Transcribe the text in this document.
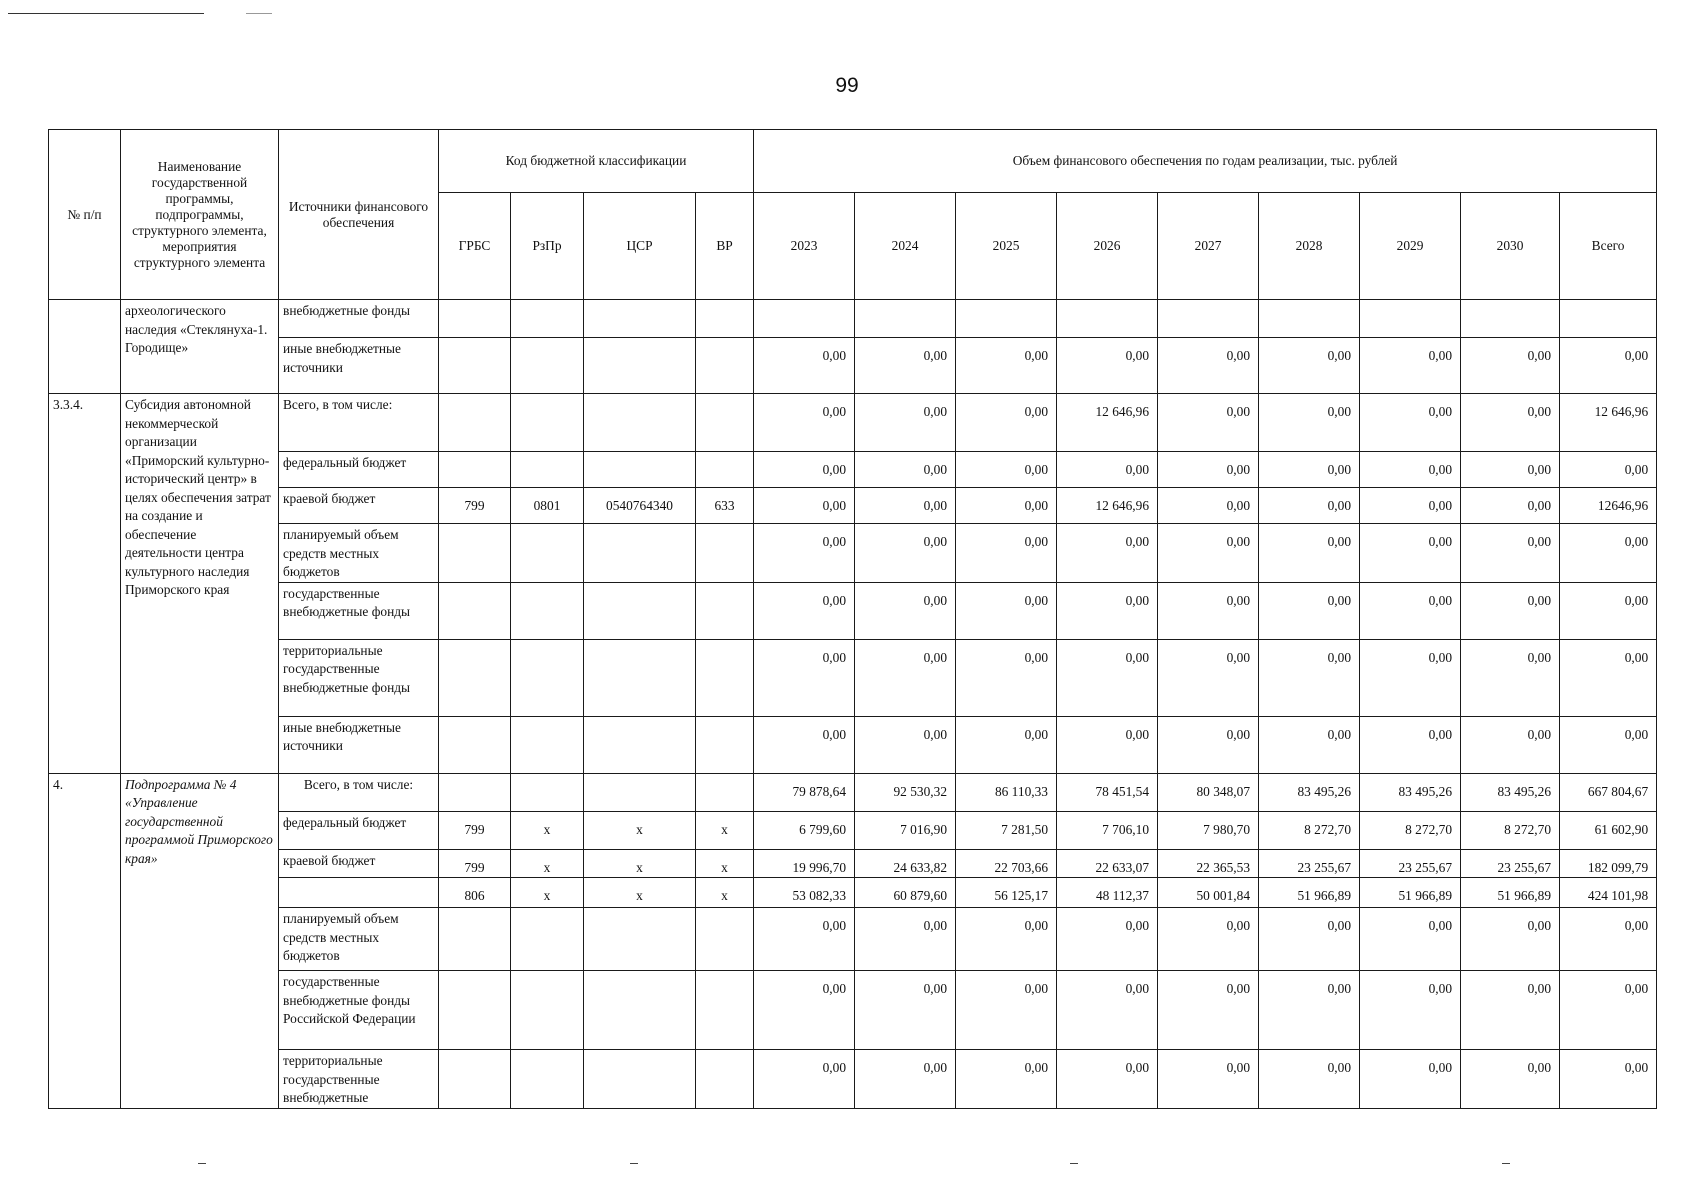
99
№ п/п	Наименование государственной программы, подпрограммы, структурного элемента, мероприятия структурного элемента	Источники финансового обеспечения	Код бюджетной классификации				Объем финансового обеспечения по годам реализации, тыс. рублей								
			ГРБС	РзПр	ЦСР	ВР	2023	2024	2025	2026	2027	2028	2029	2030	Всего
	археологического наследия «Стеклянуха-1. Городище»	внебюджетные фонды													
		иные внебюджетные источники					0,00	0,00	0,00	0,00	0,00	0,00	0,00	0,00	0,00
3.3.4.	Субсидия автономной некоммерческой организации «Приморский культурно-исторический центр» в целях обеспечения затрат на создание и обеспечение деятельности центра культурного наследия Приморского края	Всего, в том числе:					0,00	0,00	0,00	12 646,96	0,00	0,00	0,00	0,00	12 646,96
		федеральный бюджет					0,00	0,00	0,00	0,00	0,00	0,00	0,00	0,00	0,00
		краевой бюджет	799	0801	0540764340	633	0,00	0,00	0,00	12 646,96	0,00	0,00	0,00	0,00	12646,96
		планируемый объем средств местных бюджетов					0,00	0,00	0,00	0,00	0,00	0,00	0,00	0,00	0,00
		государственные внебюджетные фонды					0,00	0,00	0,00	0,00	0,00	0,00	0,00	0,00	0,00
		территориальные государственные внебюджетные фонды					0,00	0,00	0,00	0,00	0,00	0,00	0,00	0,00	0,00
		иные внебюджетные источники					0,00	0,00	0,00	0,00	0,00	0,00	0,00	0,00	0,00
4.	Подпрограмма № 4 «Управление государственной программой Приморского края»	Всего, в том числе:					79 878,64	92 530,32	86 110,33	78 451,54	80 348,07	83 495,26	83 495,26	83 495,26	667 804,67
		федеральный бюджет	799	х	х	х	6 799,60	7 016,90	7 281,50	7 706,10	7 980,70	8 272,70	8 272,70	8 272,70	61 602,90
		краевой бюджет	799	х	х	х	19 996,70	24 633,82	22 703,66	22 633,07	22 365,53	23 255,67	23 255,67	23 255,67	182 099,79
			806	х	х	х	53 082,33	60 879,60	56 125,17	48 112,37	50 001,84	51 966,89	51 966,89	51 966,89	424 101,98
		планируемый объем средств местных бюджетов					0,00	0,00	0,00	0,00	0,00	0,00	0,00	0,00	0,00
		государственные внебюджетные фонды Российской Федерации					0,00	0,00	0,00	0,00	0,00	0,00	0,00	0,00	0,00
		территориальные государственные внебюджетные					0,00	0,00	0,00	0,00	0,00	0,00	0,00	0,00	0,00
